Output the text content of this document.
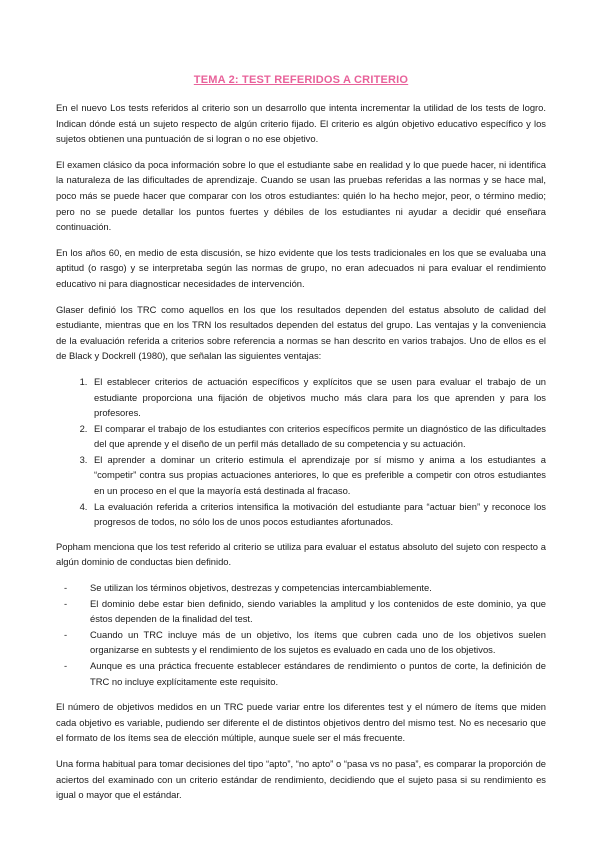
TEMA 2: TEST REFERIDOS A CRITERIO

En el nuevo Los tests referidos al criterio son un desarrollo que intenta incrementar la utilidad de los tests de logro. Indican dónde está un sujeto respecto de algún criterio fijado. El criterio es algún objetivo educativo específico y los sujetos obtienen una puntuación de si logran o no ese objetivo.

El examen clásico da poca información sobre lo que el estudiante sabe en realidad y lo que puede hacer, ni identifica la naturaleza de las dificultades de aprendizaje. Cuando se usan las pruebas referidas a las normas y se hace mal, poco más se puede hacer que comparar con los otros estudiantes: quién lo ha hecho mejor, peor, o término medio; pero no se puede detallar los puntos fuertes y débiles de los estudiantes ni ayudar a decidir qué enseñara continuación.

En los años 60, en medio de esta discusión, se hizo evidente que los tests tradicionales en los que se evaluaba una aptitud (o rasgo) y se interpretaba según las normas de grupo, no eran adecuados ni para evaluar el rendimiento educativo ni para diagnosticar necesidades de intervención.

Glaser definió los TRC como aquellos en los que los resultados dependen del estatus absoluto de calidad del estudiante, mientras que en los TRN los resultados dependen del estatus del grupo. Las ventajas y la conveniencia de la evaluación referida a criterios sobre referencia a normas se han descrito en varios trabajos. Uno de ellos es el de Black y Dockrell (1980), que señalan las siguientes ventajas:

1. El establecer criterios de actuación específicos y explícitos que se usen para evaluar el trabajo de un estudiante proporciona una fijación de objetivos mucho más clara para los que aprenden y para los profesores.
2. El comparar el trabajo de los estudiantes con criterios específicos permite un diagnóstico de las dificultades del que aprende y el diseño de un perfil más detallado de su competencia y su actuación.
3. El aprender a dominar un criterio estimula el aprendizaje por sí mismo y anima a los estudiantes a “competir” contra sus propias actuaciones anteriores, lo que es preferible a competir con otros estudiantes en un proceso en el que la mayoría está destinada al fracaso.
4. La evaluación referida a criterios intensifica la motivación del estudiante para “actuar bien” y reconoce los progresos de todos, no sólo los de unos pocos estudiantes afortunados.

Popham menciona que los test referido al criterio se utiliza para evaluar el estatus absoluto del sujeto con respecto a algún dominio de conductas bien definido.

- Se utilizan los términos objetivos, destrezas y competencias intercambiablemente.
- El dominio debe estar bien definido, siendo variables la amplitud y los contenidos de este dominio, ya que éstos dependen de la finalidad del test.
- Cuando un TRC incluye más de un objetivo, los ítems que cubren cada uno de los objetivos suelen organizarse en subtests y el rendimiento de los sujetos es evaluado en cada uno de los objetivos.
- Aunque es una práctica frecuente establecer estándares de rendimiento o puntos de corte, la definición de TRC no incluye explícitamente este requisito.

El número de objetivos medidos en un TRC puede variar entre los diferentes test y el número de ítems que miden cada objetivo es variable, pudiendo ser diferente el de distintos objetivos dentro del mismo test. No es necesario que el formato de los ítems sea de elección múltiple, aunque suele ser el más frecuente.

Una forma habitual para tomar decisiones del tipo “apto”, “no apto” o “pasa vs no pasa”, es comparar la proporción de aciertos del examinado con un criterio estándar de rendimiento, decidiendo que el sujeto pasa si su rendimiento es igual o mayor que el estándar.
